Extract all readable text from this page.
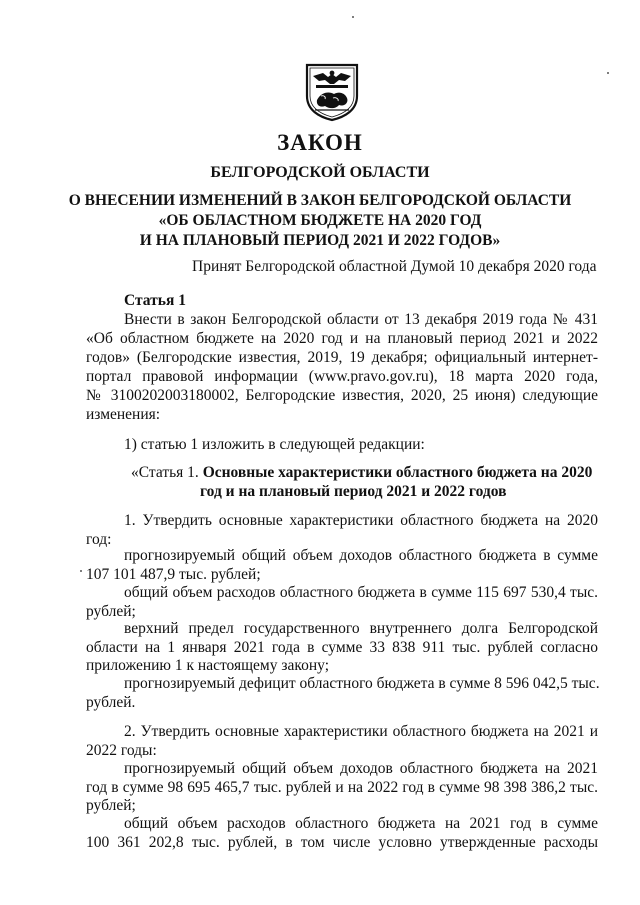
ЗАКОН
БЕЛГОРОДСКОЙ ОБЛАСТИ
О ВНЕСЕНИИ ИЗМЕНЕНИЙ В ЗАКОН БЕЛГОРОДСКОЙ ОБЛАСТИ
«ОБ ОБЛАСТНОМ БЮДЖЕТЕ НА 2020 ГОД
И НА ПЛАНОВЫЙ ПЕРИОД 2021 И 2022 ГОДОВ»
Принят Белгородской областной Думой 10 декабря 2020 года
Статья 1
Внести в закон Белгородской области от 13 декабря 2019 года № 431
«Об областном бюджете на 2020 год и на плановый период 2021 и 2022
годов» (Белгородские известия, 2019, 19 декабря; официальный интернет-
портал правовой информации (www.pravo.gov.ru), 18 марта 2020 года,
№ 3100202003180002, Белгородские известия, 2020, 25 июня) следующие
изменения:
1) статью 1 изложить в следующей редакции:
«Статья 1. Основные характеристики областного бюджета на 2020
год и на плановый период 2021 и 2022 годов
1. Утвердить основные характеристики областного бюджета на 2020
год:
прогнозируемый общий объем доходов областного бюджета в сумме
107 101 487,9 тыс. рублей;
общий объем расходов областного бюджета в сумме 115 697 530,4 тыс.
рублей;
верхний предел государственного внутреннего долга Белгородской
области на 1 января 2021 года в сумме 33 838 911 тыс. рублей согласно
приложению 1 к настоящему закону;
прогнозируемый дефицит областного бюджета в сумме 8 596 042,5 тыс.
рублей.
2. Утвердить основные характеристики областного бюджета на 2021 и
2022 годы:
прогнозируемый общий объем доходов областного бюджета на 2021
год в сумме 98 695 465,7 тыс. рублей и на 2022 год в сумме 98 398 386,2 тыс.
рублей;
общий объем расходов областного бюджета на 2021 год в сумме
100 361 202,8 тыс. рублей, в том числе условно утвержденные расходы
